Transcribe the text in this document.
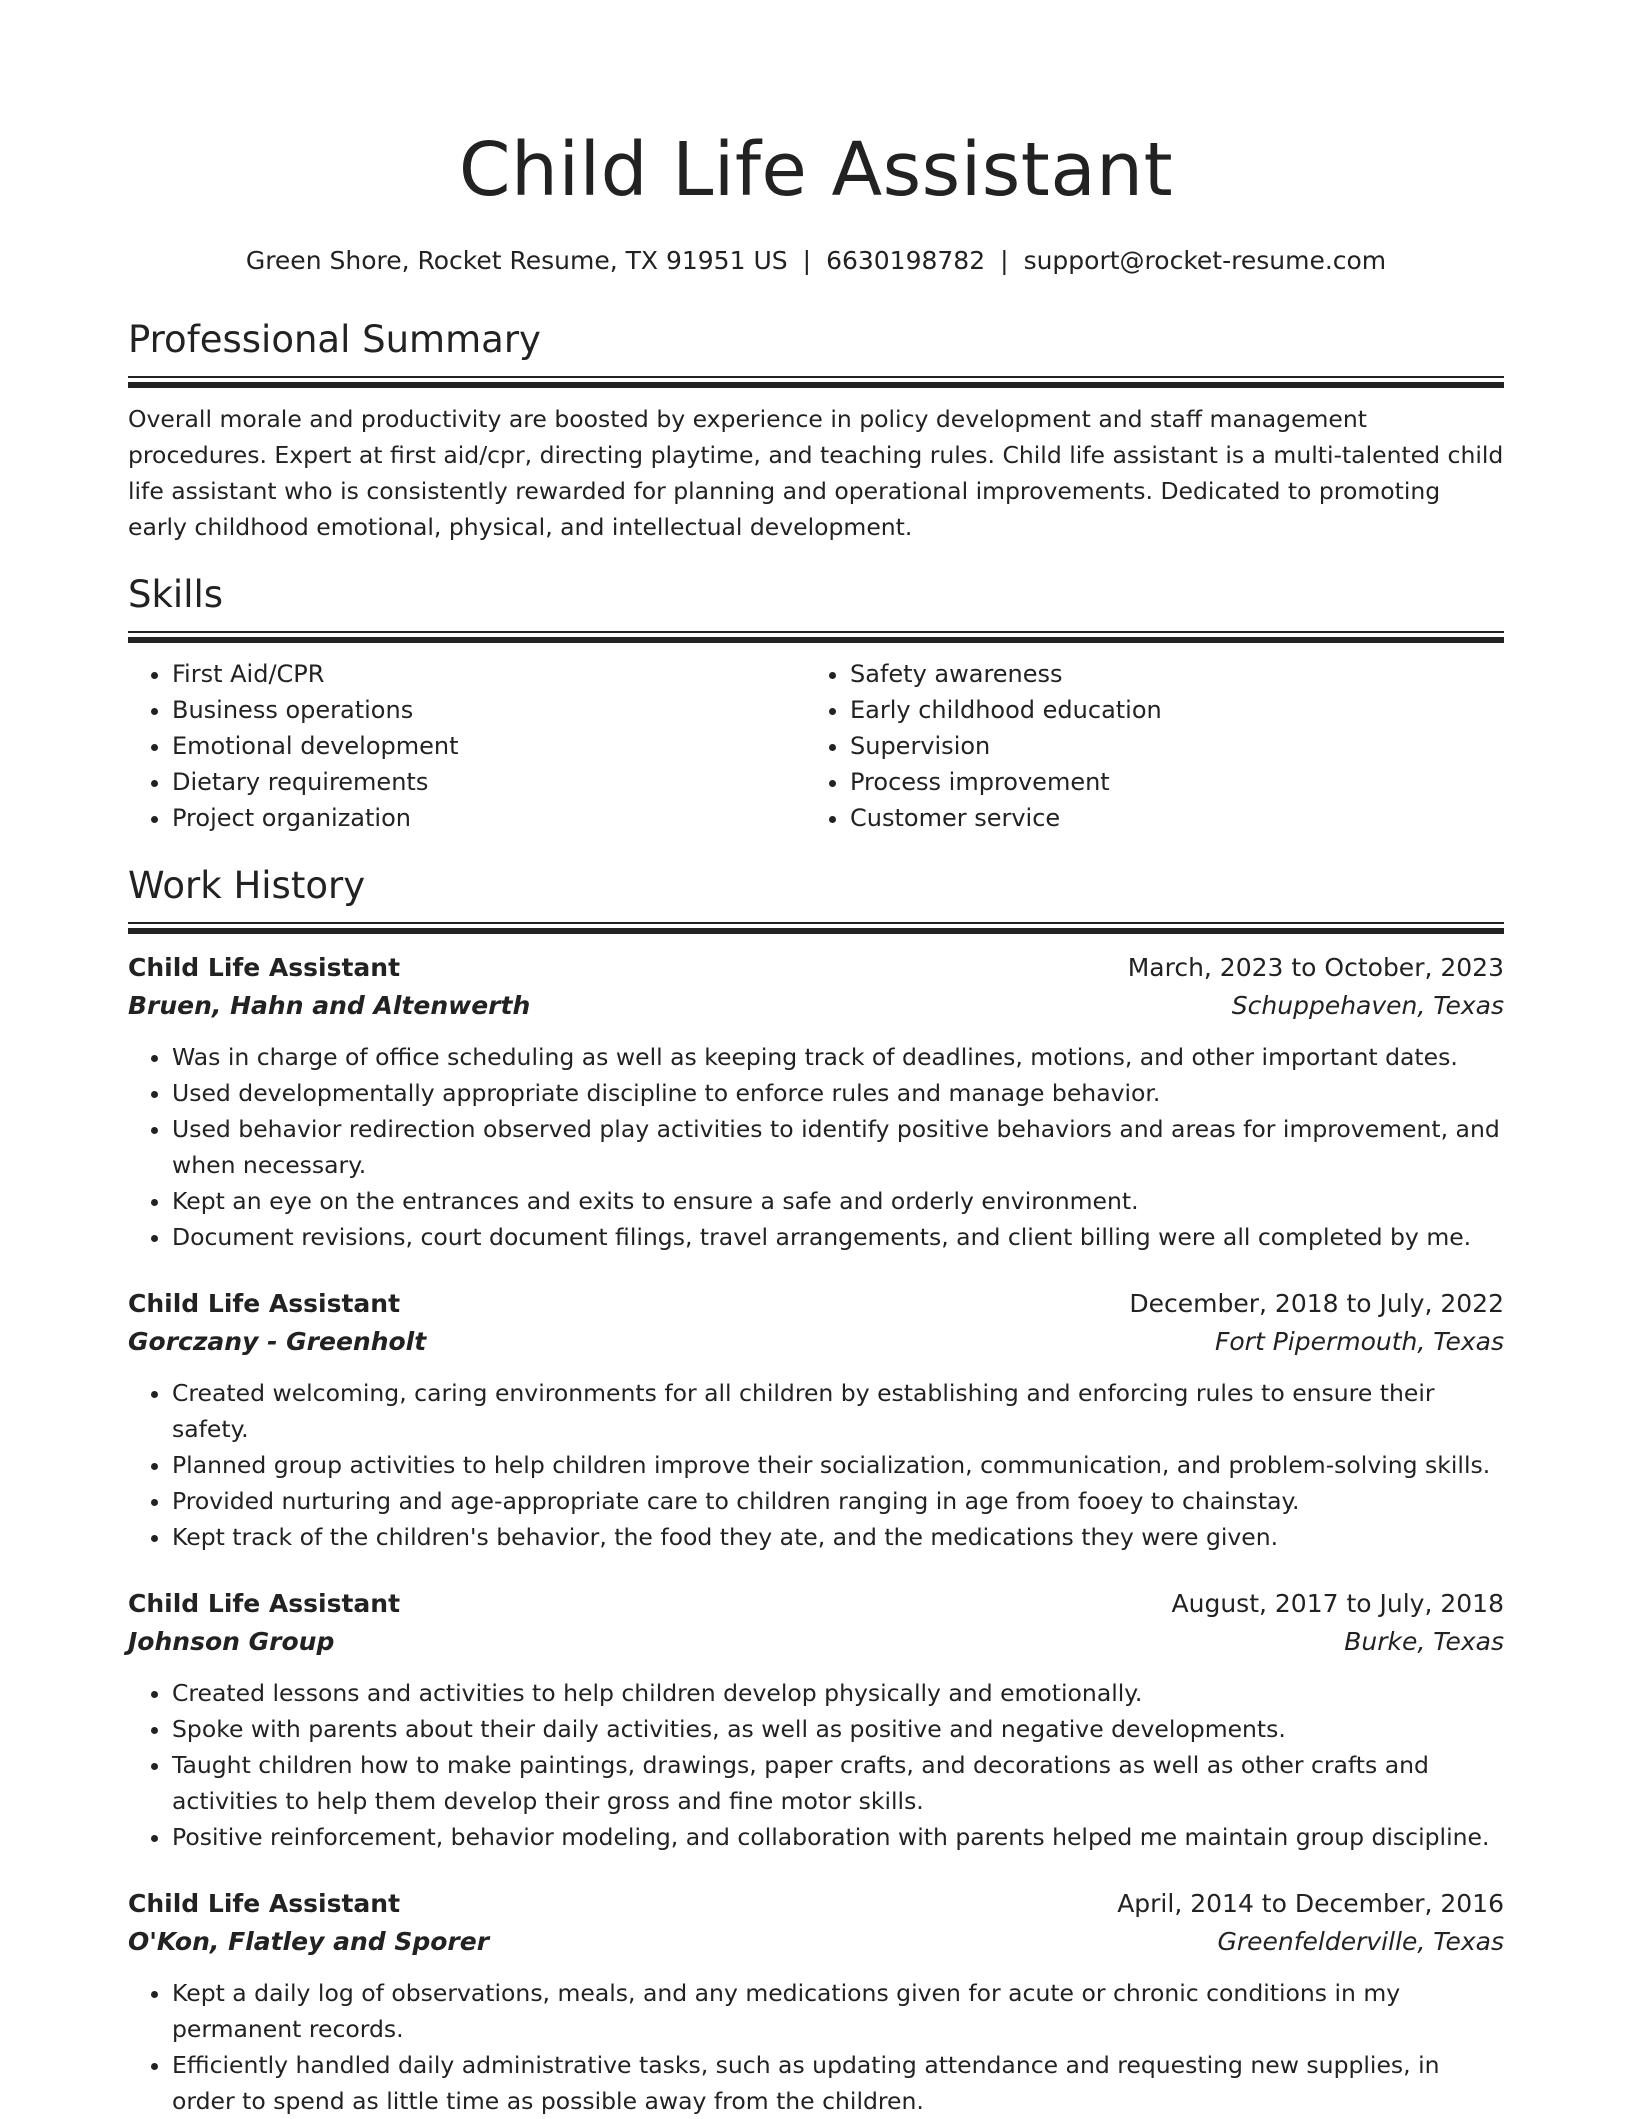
Child Life Assistant
Green Shore, Rocket Resume, TX 91951 US | 6630198782 | support@rocket-resume.com
Professional Summary

Overall morale and productivity are boosted by experience in policy development and staff management procedures. Expert at first aid/cpr, directing playtime, and teaching rules. Child life assistant is a multi-talented child life assistant who is consistently rewarded for planning and operational improvements. Dedicated to promoting early childhood emotional, physical, and intellectual development.

Skills
• First Aid/CPR
• Business operations
• Emotional development
• Dietary requirements
• Project organization
• Safety awareness
• Early childhood education
• Supervision
• Process improvement
• Customer service
Work History
Child Life Assistant	March, 2023 to October, 2023
Bruen, Hahn and Altenwerth	Schuppehaven, Texas
• Was in charge of office scheduling as well as keeping track of deadlines, motions, and other important dates.
• Used developmentally appropriate discipline to enforce rules and manage behavior.
• Used behavior redirection observed play activities to identify positive behaviors and areas for improvement, and when necessary.
• Kept an eye on the entrances and exits to ensure a safe and orderly environment.
• Document revisions, court document filings, travel arrangements, and client billing were all completed by me.
Child Life Assistant	December, 2018 to July, 2022
Gorczany - Greenholt	Fort Pipermouth, Texas
• Created welcoming, caring environments for all children by establishing and enforcing rules to ensure their safety.
• Planned group activities to help children improve their socialization, communication, and problem-solving skills.
• Provided nurturing and age-appropriate care to children ranging in age from fooey to chainstay.
• Kept track of the children's behavior, the food they ate, and the medications they were given.
Child Life Assistant	August, 2017 to July, 2018
Johnson Group	Burke, Texas
• Created lessons and activities to help children develop physically and emotionally.
• Spoke with parents about their daily activities, as well as positive and negative developments.
• Taught children how to make paintings, drawings, paper crafts, and decorations as well as other crafts and activities to help them develop their gross and fine motor skills.
• Positive reinforcement, behavior modeling, and collaboration with parents helped me maintain group discipline.
Child Life Assistant	April, 2014 to December, 2016
O'Kon, Flatley and Sporer	Greenfelderville, Texas
• Kept a daily log of observations, meals, and any medications given for acute or chronic conditions in my permanent records.
• Efficiently handled daily administrative tasks, such as updating attendance and requesting new supplies, in order to spend as little time as possible away from the children.
